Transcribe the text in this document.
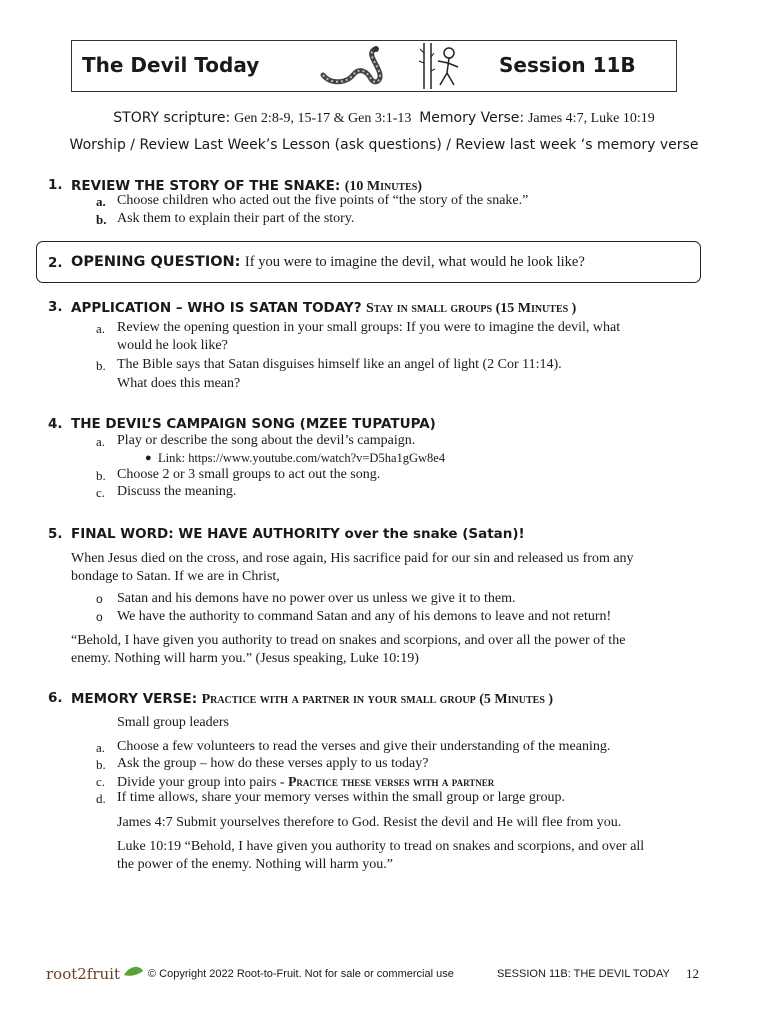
The Devil Today	Session 11B
STORY scripture: Gen 2:8-9, 15-17 & Gen 3:1-13 Memory Verse: James 4:7, Luke 10:19
Worship / Review Last Week’s Lesson (ask questions) / Review last week ‘s memory verse
1. REVIEW THE STORY OF THE SNAKE: (10 Minutes)
a. Choose children who acted out the five points of “the story of the snake.”
b. Ask them to explain their part of the story.
2. OPENING QUESTION: If you were to imagine the devil, what would he look like?
3. APPLICATION – WHO IS SATAN TODAY? Stay in small groups (15 Minutes )
a. Review the opening question in your small groups: If you were to imagine the devil, what
would he look like?
b. The Bible says that Satan disguises himself like an angel of light (2 Cor 11:14).
What does this mean?
4. THE DEVIL’S CAMPAIGN SONG (MZEE TUPATUPA)
a. Play or describe the song about the devil’s campaign.
● Link: https://www.youtube.com/watch?v=D5ha1gGw8e4
b. Choose 2 or 3 small groups to act out the song.
c. Discuss the meaning.
5. FINAL WORD: WE HAVE AUTHORITY over the snake (Satan)!
When Jesus died on the cross, and rose again, His sacrifice paid for our sin and released us from any
bondage to Satan. If we are in Christ,
o Satan and his demons have no power over us unless we give it to them.
o We have the authority to command Satan and any of his demons to leave and not return!
“Behold, I have given you authority to tread on snakes and scorpions, and over all the power of the
enemy. Nothing will harm you.” (Jesus speaking, Luke 10:19)
6. MEMORY VERSE: Practice with a partner in your small group (5 Minutes )
Small group leaders
a. Choose a few volunteers to read the verses and give their understanding of the meaning.
b. Ask the group – how do these verses apply to us today?
c. Divide your group into pairs - Practice these verses with a partner
d. If time allows, share your memory verses within the small group or large group.
James 4:7 Submit yourselves therefore to God. Resist the devil and He will flee from you.
Luke 10:19 “Behold, I have given you authority to tread on snakes and scorpions, and over all
the power of the enemy. Nothing will harm you.”
root2fruit	© Copyright 2022 Root-to-Fruit. Not for sale or commercial use	SESSION 11B: THE DEVIL TODAY 12
